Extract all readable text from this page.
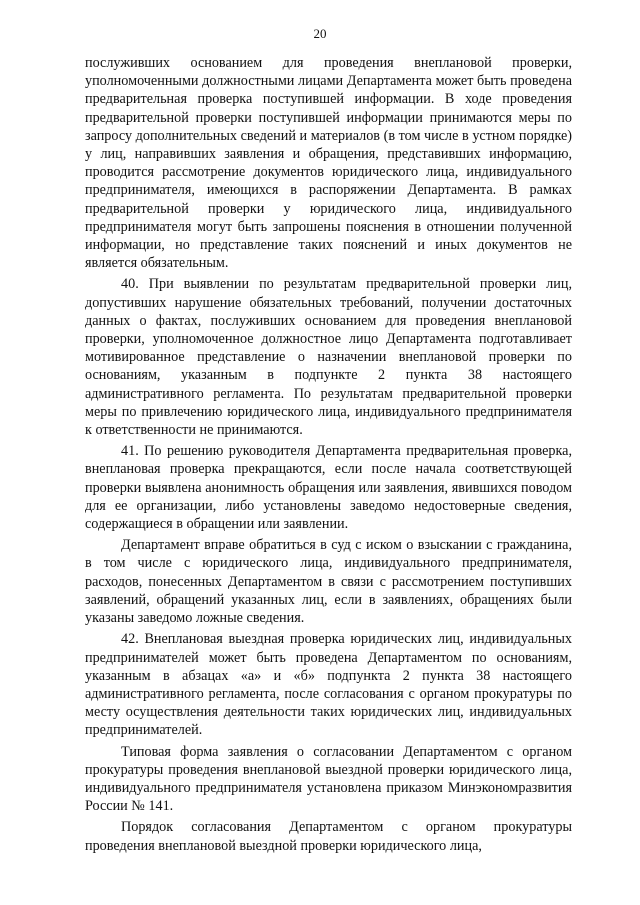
20

послуживших основанием для проведения внеплановой проверки, уполномоченными должностными лицами Департамента может быть проведена предварительная проверка поступившей информации. В ходе проведения предварительной проверки поступившей информации принимаются меры по запросу дополнительных сведений и материалов (в том числе в устном порядке) у лиц, направивших заявления и обращения, представивших информацию, проводится рассмотрение документов юридического лица, индивидуального предпринимателя, имеющихся в распоряжении Департамента. В рамках предварительной проверки у юридического лица, индивидуального предпринимателя могут быть запрошены пояснения в отношении полученной информации, но представление таких пояснений и иных документов не является обязательным.

40. При выявлении по результатам предварительной проверки лиц, допустивших нарушение обязательных требований, получении достаточных данных о фактах, послуживших основанием для проведения внеплановой проверки, уполномоченное должностное лицо Департамента подготавливает мотивированное представление о назначении внеплановой проверки по основаниям, указанным в подпункте 2 пункта 38 настоящего административного регламента. По результатам предварительной проверки меры по привлечению юридического лица, индивидуального предпринимателя к ответственности не принимаются.

41. По решению руководителя Департамента предварительная проверка, внеплановая проверка прекращаются, если после начала соответствующей проверки выявлена анонимность обращения или заявления, явившихся поводом для ее организации, либо установлены заведомо недостоверные сведения, содержащиеся в обращении или заявлении.

Департамент вправе обратиться в суд с иском о взыскании с гражданина, в том числе с юридического лица, индивидуального предпринимателя, расходов, понесенных Департаментом в связи с рассмотрением поступивших заявлений, обращений указанных лиц, если в заявлениях, обращениях были указаны заведомо ложные сведения.

42. Внеплановая выездная проверка юридических лиц, индивидуальных предпринимателей может быть проведена Департаментом по основаниям, указанным в абзацах «а» и «б» подпункта 2 пункта 38 настоящего административного регламента, после согласования с органом прокуратуры по месту осуществления деятельности таких юридических лиц, индивидуальных предпринимателей.

Типовая форма заявления о согласовании Департаментом с органом прокуратуры проведения внеплановой выездной проверки юридического лица, индивидуального предпринимателя установлена приказом Минэкономразвития России № 141.

Порядок согласования Департаментом с органом прокуратуры проведения внеплановой выездной проверки юридического лица,
